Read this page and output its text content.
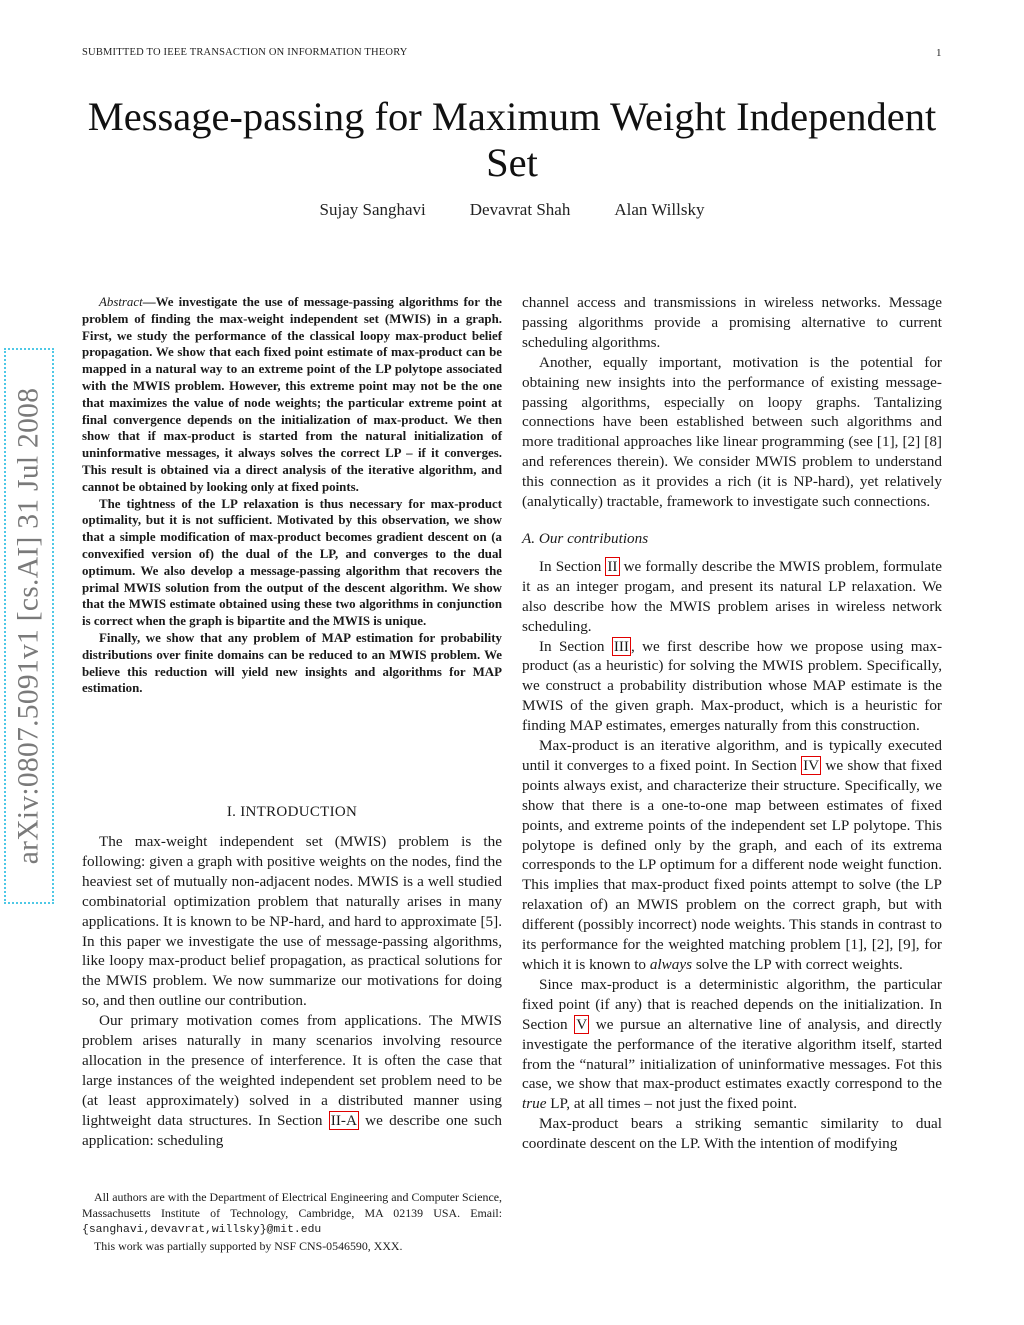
SUBMITTED TO IEEE TRANSACTION ON INFORMATION THEORY	1
Message-passing for Maximum Weight Independent Set
Sujay Sanghavi	Devavrat Shah	Alan Willsky
arXiv:0807.5091v1 [cs.AI] 31 Jul 2008

Abstract—We investigate the use of message-passing algorithms for the problem of finding the max-weight independent set (MWIS) in a graph. First, we study the performance of the classical loopy max-product belief propagation. We show that each fixed point estimate of max-product can be mapped in a natural way to an extreme point of the LP polytope associated with the MWIS problem. However, this extreme point may not be the one that maximizes the value of node weights; the particular extreme point at final convergence depends on the initialization of max-product. We then show that if max-product is started from the natural initialization of uninformative messages, it always solves the correct LP – if it converges. This result is obtained via a direct analysis of the iterative algorithm, and cannot be obtained by looking only at fixed points.

The tightness of the LP relaxation is thus necessary for max-product optimality, but it is not sufficient. Motivated by this observation, we show that a simple modification of max-product becomes gradient descent on (a convexified version of) the dual of the LP, and converges to the dual optimum. We also develop a message-passing algorithm that recovers the primal MWIS solution from the output of the descent algorithm. We show that the MWIS estimate obtained using these two algorithms in conjunction is correct when the graph is bipartite and the MWIS is unique.

Finally, we show that any problem of MAP estimation for probability distributions over finite domains can be reduced to an MWIS problem. We believe this reduction will yield new insights and algorithms for MAP estimation.

I. INTRODUCTION

The max-weight independent set (MWIS) problem is the following: given a graph with positive weights on the nodes, find the heaviest set of mutually non-adjacent nodes. MWIS is a well studied combinatorial optimization problem that naturally arises in many applications. It is known to be NP-hard, and hard to approximate [5]. In this paper we investigate the use of message-passing algorithms, like loopy max-product belief propagation, as practical solutions for the MWIS problem. We now summarize our motivations for doing so, and then outline our contribution.

Our primary motivation comes from applications. The MWIS problem arises naturally in many scenarios involving resource allocation in the presence of interference. It is often the case that large instances of the weighted independent set problem need to be (at least approximately) solved in a distributed manner using lightweight data structures. In Section II-A we describe one such application: scheduling

All authors are with the Department of Electrical Engineering and Computer Science, Massachusetts Institute of Technology, Cambridge, MA 02139 USA. Email: {sanghavi,devavrat,willsky}@mit.edu

This work was partially supported by NSF CNS-0546590, XXX.

channel access and transmissions in wireless networks. Message passing algorithms provide a promising alternative to current scheduling algorithms.

Another, equally important, motivation is the potential for obtaining new insights into the performance of existing message-passing algorithms, especially on loopy graphs. Tantalizing connections have been established between such algorithms and more traditional approaches like linear programming (see [1], [2] [8] and references therein). We consider MWIS problem to understand this connection as it provides a rich (it is NP-hard), yet relatively (analytically) tractable, framework to investigate such connections.

A. Our contributions

In Section II we formally describe the MWIS problem, formulate it as an integer progam, and present its natural LP relaxation. We also describe how the MWIS problem arises in wireless network scheduling.

In Section III , we first describe how we propose using max-product (as a heuristic) for solving the MWIS problem. Specifically, we construct a probability distribution whose MAP estimate is the MWIS of the given graph. Max-product, which is a heuristic for finding MAP estimates, emerges naturally from this construction.

Max-product is an iterative algorithm, and is typically executed until it converges to a fixed point. In Section IV we show that fixed points always exist, and characterize their structure. Specifically, we show that there is a one-to-one map between estimates of fixed points, and extreme points of the independent set LP polytope. This polytope is defined only by the graph, and each of its extrema corresponds to the LP optimum for a different node weight function. This implies that max-product fixed points attempt to solve (the LP relaxation of) an MWIS problem on the correct graph, but with different (possibly incorrect) node weights. This stands in contrast to its performance for the weighted matching problem [1], [2], [9], for which it is known to always solve the LP with correct weights.

Since max-product is a deterministic algorithm, the particular fixed point (if any) that is reached depends on the initialization. In Section V we pursue an alternative line of analysis, and directly investigate the performance of the iterative algorithm itself, started from the “natural” initialization of uninformative messages. Fot this case, we show that max-product estimates exactly correspond to the true LP, at all times – not just the fixed point.

Max-product bears a striking semantic similarity to dual coordinate descent on the LP. With the intention of modifying
